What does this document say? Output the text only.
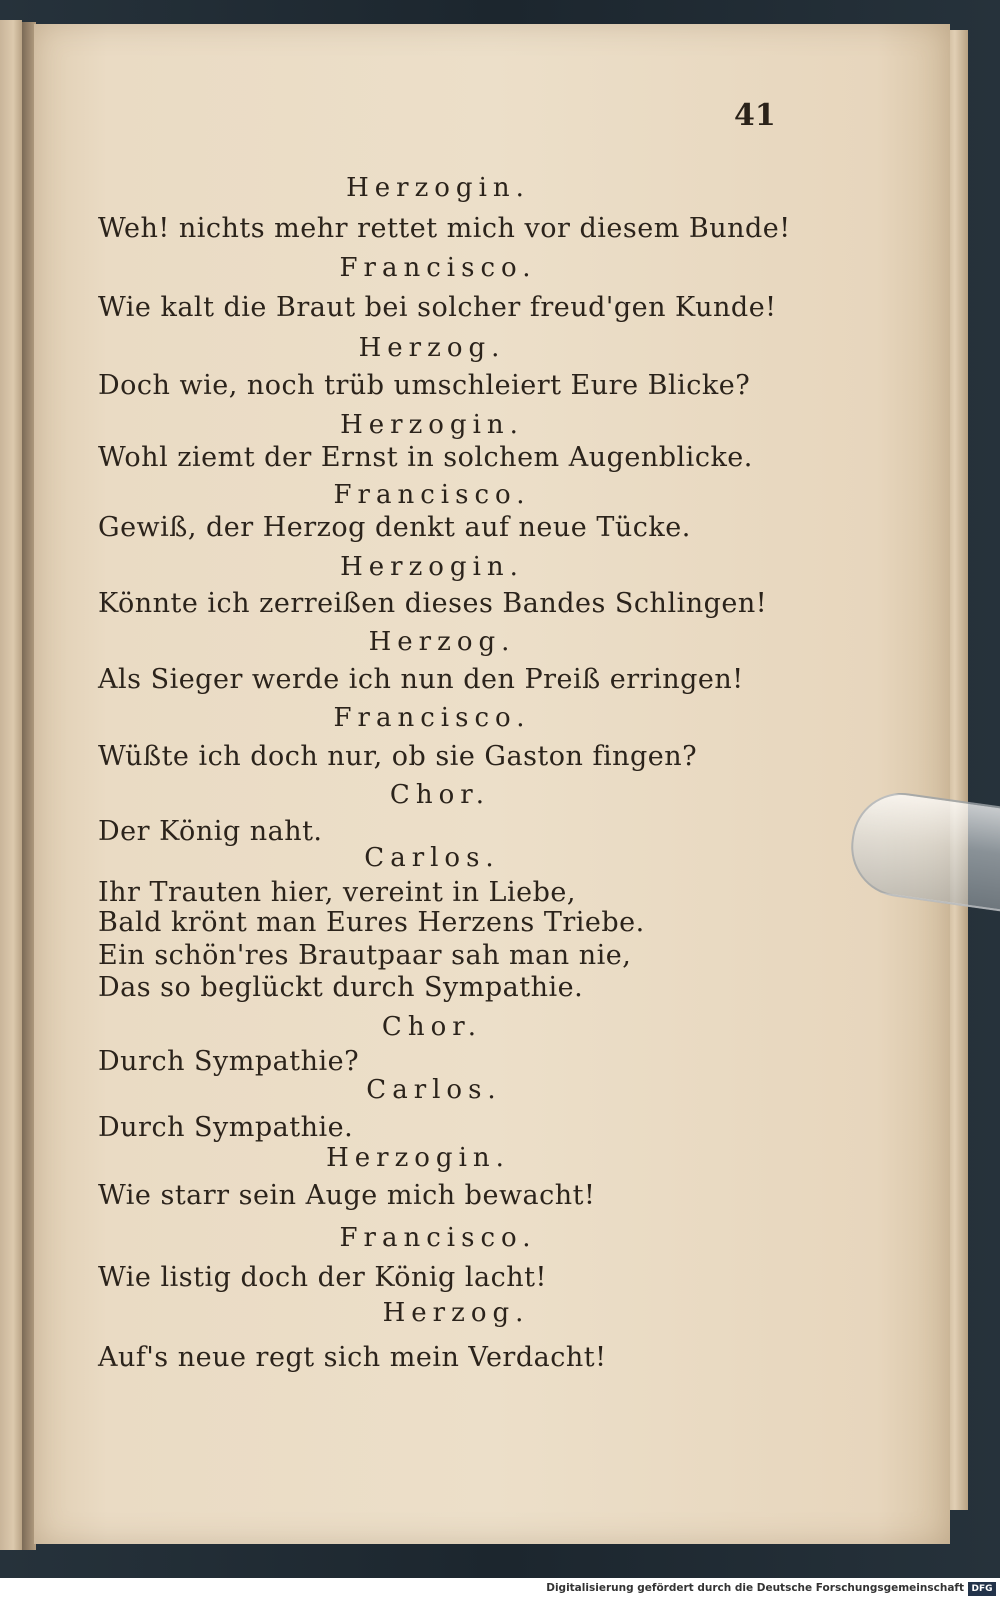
41
Herzogin.
Weh! nichts mehr rettet mich vor diesem Bunde!
Francisco.
Wie kalt die Braut bei solcher freud'gen Kunde!
Herzog.
Doch wie, noch trüb umschleiert Eure Blicke?
Herzogin.
Wohl ziemt der Ernst in solchem Augenblicke.
Francisco.
Gewiß, der Herzog denkt auf neue Tücke.
Herzogin.
Könnte ich zerreißen dieses Bandes Schlingen!
Herzog.
Als Sieger werde ich nun den Preiß erringen!
Francisco.
Wüßte ich doch nur, ob sie Gaston fingen?
Chor.
Der König naht.
Carlos.
Ihr Trauten hier, vereint in Liebe,
Bald krönt man Eures Herzens Triebe.
Ein schön'res Brautpaar sah man nie,
Das so beglückt durch Sympathie.
Chor.
Durch Sympathie?
Carlos.
Durch Sympathie.
Herzogin.
Wie starr sein Auge mich bewacht!
Francisco.
Wie listig doch der König lacht!
Herzog.
Auf's neue regt sich mein Verdacht!
Digitalisierung gefördert durch die Deutsche Forschungsgemeinschaft DFG
